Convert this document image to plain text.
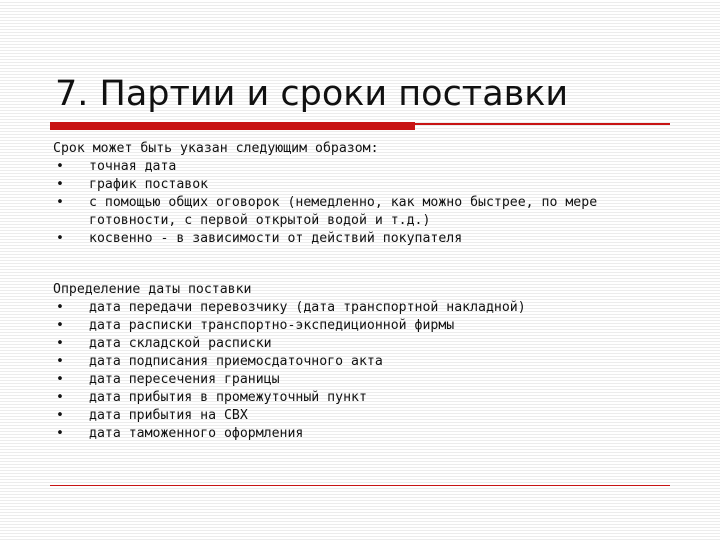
7. Партии и сроки поставки
Срок может быть указан следующим образом:
• точная дата
• график поставок
• с помощью общих оговорок (немедленно, как можно быстрее, по мере готовности, с первой открытой водой и т.д.)
• косвенно - в зависимости от действий покупателя
Определение даты поставки
• дата передачи перевозчику (дата транспортной накладной)
• дата расписки транспортно-экспедиционной фирмы
• дата складской расписки
• дата подписания приемосдаточного акта
• дата пересечения границы
• дата прибытия в промежуточный пункт
• дата прибытия на СВХ
• дата таможенного оформления
